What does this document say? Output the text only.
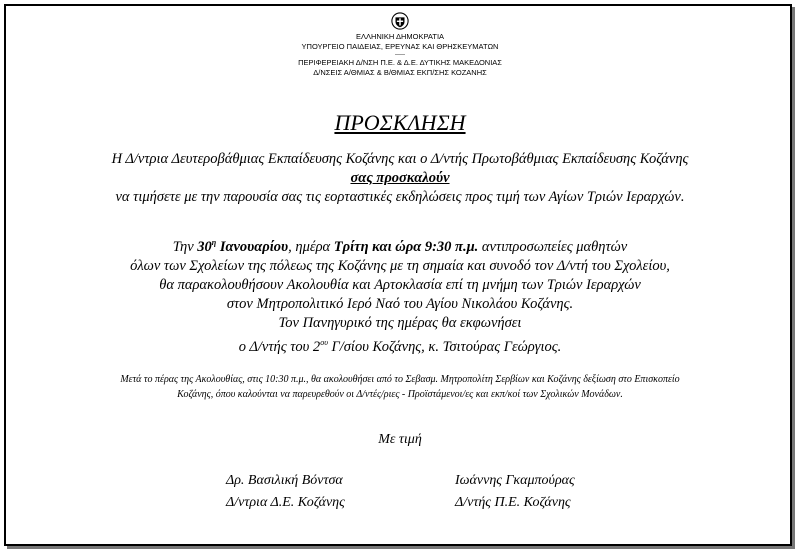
ΕΛΛΗΝΙΚΗ ΔΗΜΟΚΡΑΤΙΑ
ΥΠΟΥΡΓΕΙΟ ΠΑΙΔΕΙΑΣ, ΕΡΕΥΝΑΣ ΚΑΙ ΘΡΗΣΚΕΥΜΑΤΩΝ
-----
ΠΕΡΙΦΕΡΕΙΑΚΗ Δ/ΝΣΗ Π.Ε. & Δ.Ε. ΔΥΤΙΚΗΣ ΜΑΚΕΔΟΝΙΑΣ
Δ/ΝΣΕΙΣ Α/ΘΜΙΑΣ & Β/ΘΜΙΑΣ ΕΚΠ/ΣΗΣ ΚΟΖΑΝΗΣ
ΠΡΟΣΚΛΗΣΗ
Η Δ/ντρια Δευτεροβάθμιας Εκπαίδευσης Κοζάνης και ο Δ/ντής Πρωτοβάθμιας Εκπαίδευσης Κοζάνης
σας προσκαλούν
να τιμήσετε με την παρουσία σας τις εορταστικές εκδηλώσεις προς τιμή των Αγίων Τριών Ιεραρχών.
Την $30^\eta$ Ιανουαρίου, ημέρα Τρίτη και ώρα 9:30 π.μ. αντιπροσωπείες μαθητών
όλων των Σχολείων της πόλεως της Κοζάνης με τη σημαία και συνοδό τον Δ/ντή του Σχολείου,
θα παρακολουθήσουν Ακολουθία και Αρτοκλασία επί τη μνήμη των Τριών Ιεραρχών
στον Μητροπολιτικό Ιερό Ναό του Αγίου Νικολάου Κοζάνης.
Τον Πανηγυρικό της ημέρας θα εκφωνήσει
ο Δ/ντής του $2^{o\upsilon}$ Γ/σίου Κοζάνης, κ. Τσιτούρας Γεώργιος.
Μετά το πέρας της Ακολουθίας, στις 10:30 π.μ., θα ακολουθήσει από το Σεβασμ. Μητροπολίτη Σερβίων και Κοζάνης δεξίωση στο Επισκοπείο
Κοζάνης, όπου καλούνται να παρευρεθούν οι Δ/ντές/ριες - Προϊστάμενοι/ες και εκπ/κοί των Σχολικών Μονάδων.
Με τιμή
Δρ. Βασιλική Βόντσα
Δ/ντρια Δ.Ε. Κοζάνης
Ιωάννης Γκαμπούρας
Δ/ντής Π.Ε. Κοζάνης
